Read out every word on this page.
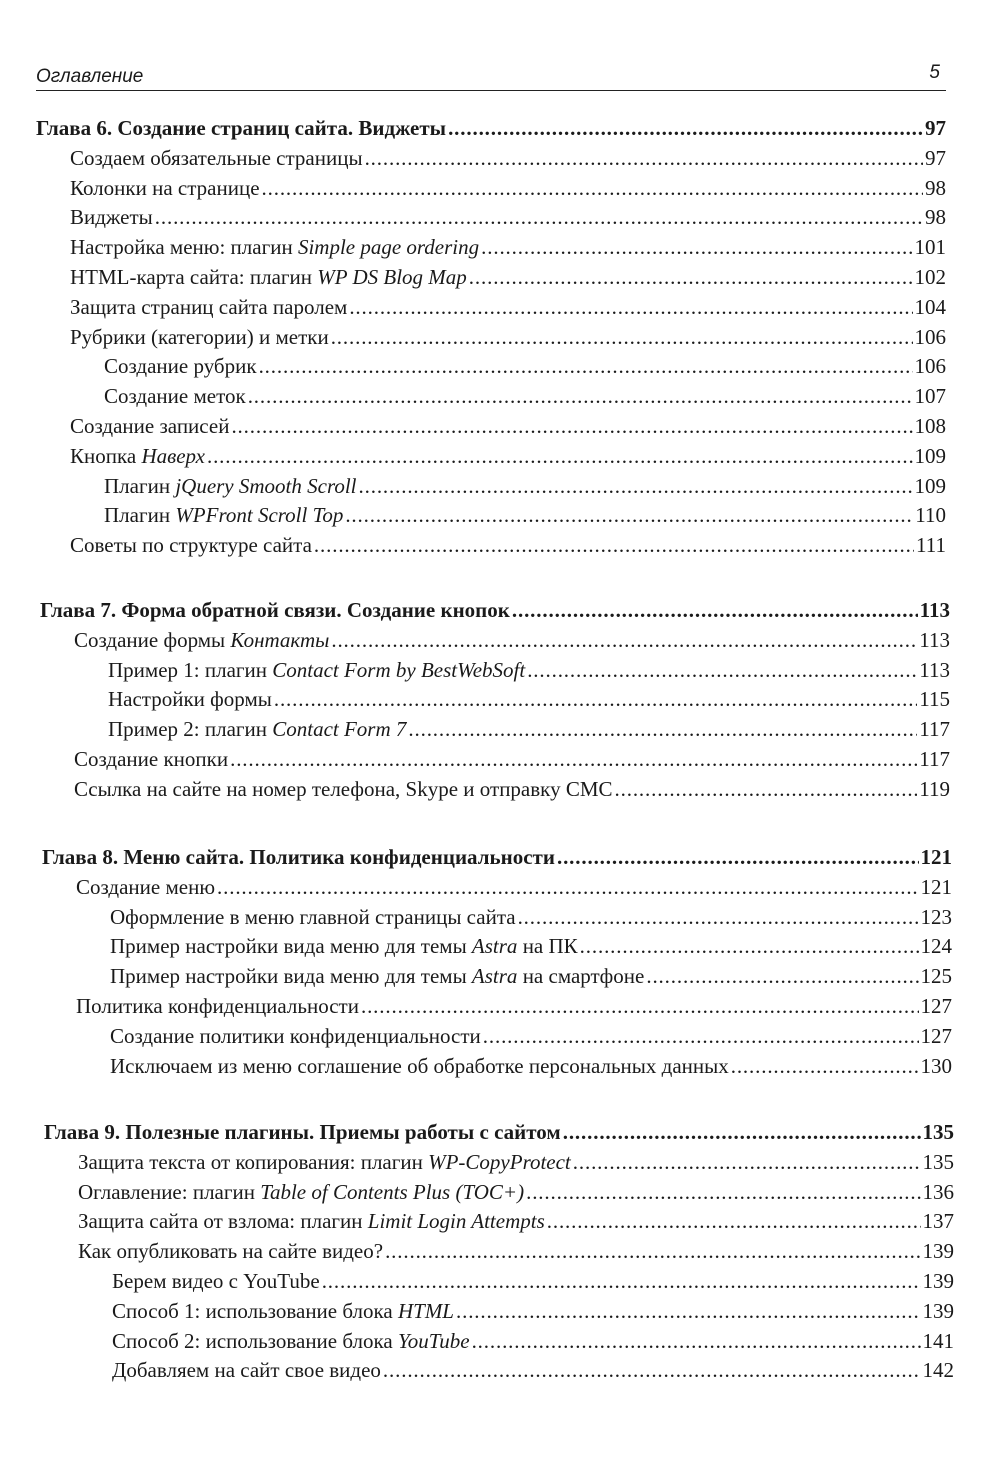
Оглавление	5
Глава 6. Создание страниц сайта. Виджеты . . .	97
Создаем обязательные страницы . . .	97
Колонки на странице . . .	98
Виджеты . . .	98
Настройка меню: плагин Simple page ordering . . .	101
HTML-карта сайта: плагин WP DS Blog Map . . .	102
Защита страниц сайта паролем . . .	104
Рубрики (категории) и метки . . .	106
Создание рубрик . . .	106
Создание меток . . .	107
Создание записей . . .	108
Кнопка Наверх . . .	109
Плагин jQuery Smooth Scroll . . .	109
Плагин WPFront Scroll Top . . .	110
Советы по структуре сайта . . .	111
Глава 7. Форма обратной связи. Создание кнопок . . .	113
Создание формы Контакты . . .	113
Пример 1: плагин Contact Form by BestWebSoft . . .	113
Настройки формы . . .	115
Пример 2: плагин Contact Form 7 . . .	117
Создание кнопки . . .	117
Ссылка на сайте на номер телефона, Skype и отправку СМС . . .	119
Глава 8. Меню сайта. Политика конфиденциальности . . .	121
Создание меню . . .	121
Оформление в меню главной страницы сайта . . .	123
Пример настройки вида меню для темы Astra на ПК . . .	124
Пример настройки вида меню для темы Astra на смартфоне . . .	125
Политика конфиденциальности . . .	127
Создание политики конфиденциальности . . .	127
Исключаем из меню соглашение об обработке персональных данных . . .	130
Глава 9. Полезные плагины. Приемы работы с сайтом . . .	135
Защита текста от копирования: плагин WP-CopyProtect . . .	135
Оглавление: плагин Table of Contents Plus (TOC+) . . .	136
Защита сайта от взлома: плагин Limit Login Attempts . . .	137
Как опубликовать на сайте видео? . . .	139
Берем видео с YouTube . . .	139
Способ 1: использование блока HTML . . .	139
Способ 2: использование блока YouTube . . .	141
Добавляем на сайт свое видео . . .	142
